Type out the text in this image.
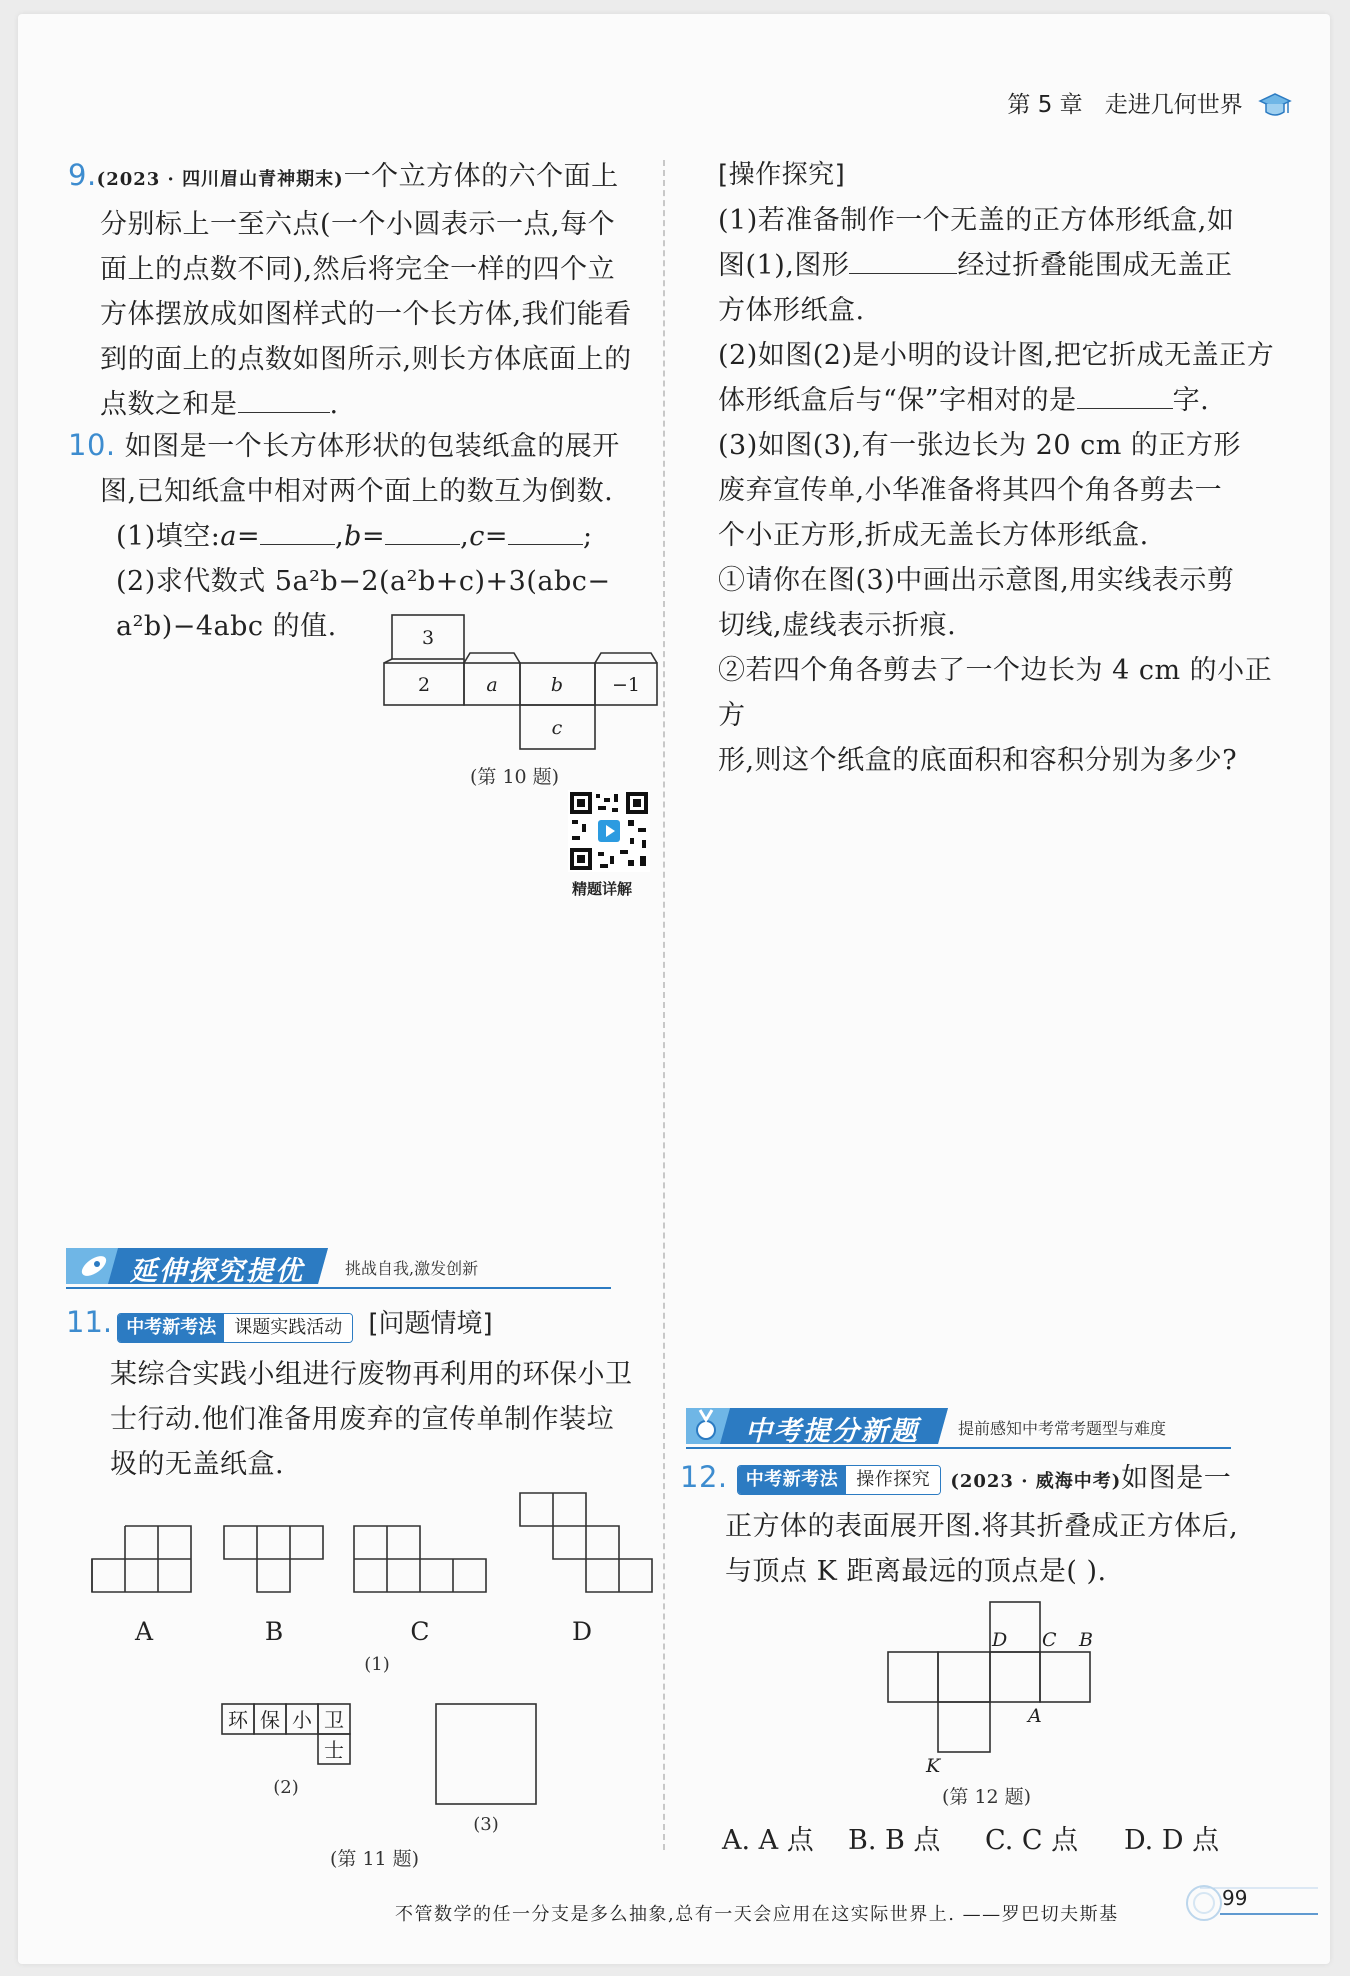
第 5 章 走进几何世界
9.(2023 · 四川眉山青神期末)一个立方体的六个面上
分别标上一至六点(一个小圆表示一点,每个
面上的点数不同),然后将完全一样的四个立
方体摆放成如图样式的一个长方体,我们能看
到的面上的点数如图所示,则长方体底面上的
点数之和是	.
10. 如图是一个长方体形状的包装纸盒的展开
图,已知纸盒中相对两个面上的数互为倒数.
(1)填空:a=	,b=	,c=	;
(2)求代数式 5a²b−2(a²b+c)+3(abc−
a²b)−4abc 的值.	3
2	a	b	−1
c
(第 10 题)
精题详解
[操作探究]
(1)若准备制作一个无盖的正方体形纸盒,如
图(1),图形	经过折叠能围成无盖正
方体形纸盒.
(2)如图(2)是小明的设计图,把它折成无盖正方
体形纸盒后与“保”字相对的是	字.
(3)如图(3),有一张边长为 20 cm 的正方形
废弃宣传单,小华准备将其四个角各剪去一
个小正方形,折成无盖长方体形纸盒.
①请你在图(3)中画出示意图,用实线表示剪
切线,虚线表示折痕.
②若四个角各剪去了一个边长为 4 cm 的小正方
形,则这个纸盒的底面积和容积分别为多少?
延伸探究提优	挑战自我,激发创新
11. 中考新考法 课题实践活动 [问题情境]
某综合实践小组进行废物再利用的环保小卫
士行动.他们准备用废弃的宣传单制作装垃
圾的无盖纸盒.
A	B	C	D
(1)
环 保 小 卫
士
(2)
(3)
(第 11 题)
中考提分新题 提前感知中考常考题型与难度
12. 中考新考法 操作探究 (2023 · 威海中考)如图是一
正方体的表面展开图.将其折叠成正方体后,
与顶点 K 距离最远的顶点是( ).
D C B
A
K
(第 12 题)
A. A 点 B. B 点 C. C 点 D. D 点
不管数学的任一分支是多么抽象,总有一天会应用在这实际世界上. ——罗巴切夫斯基
99
